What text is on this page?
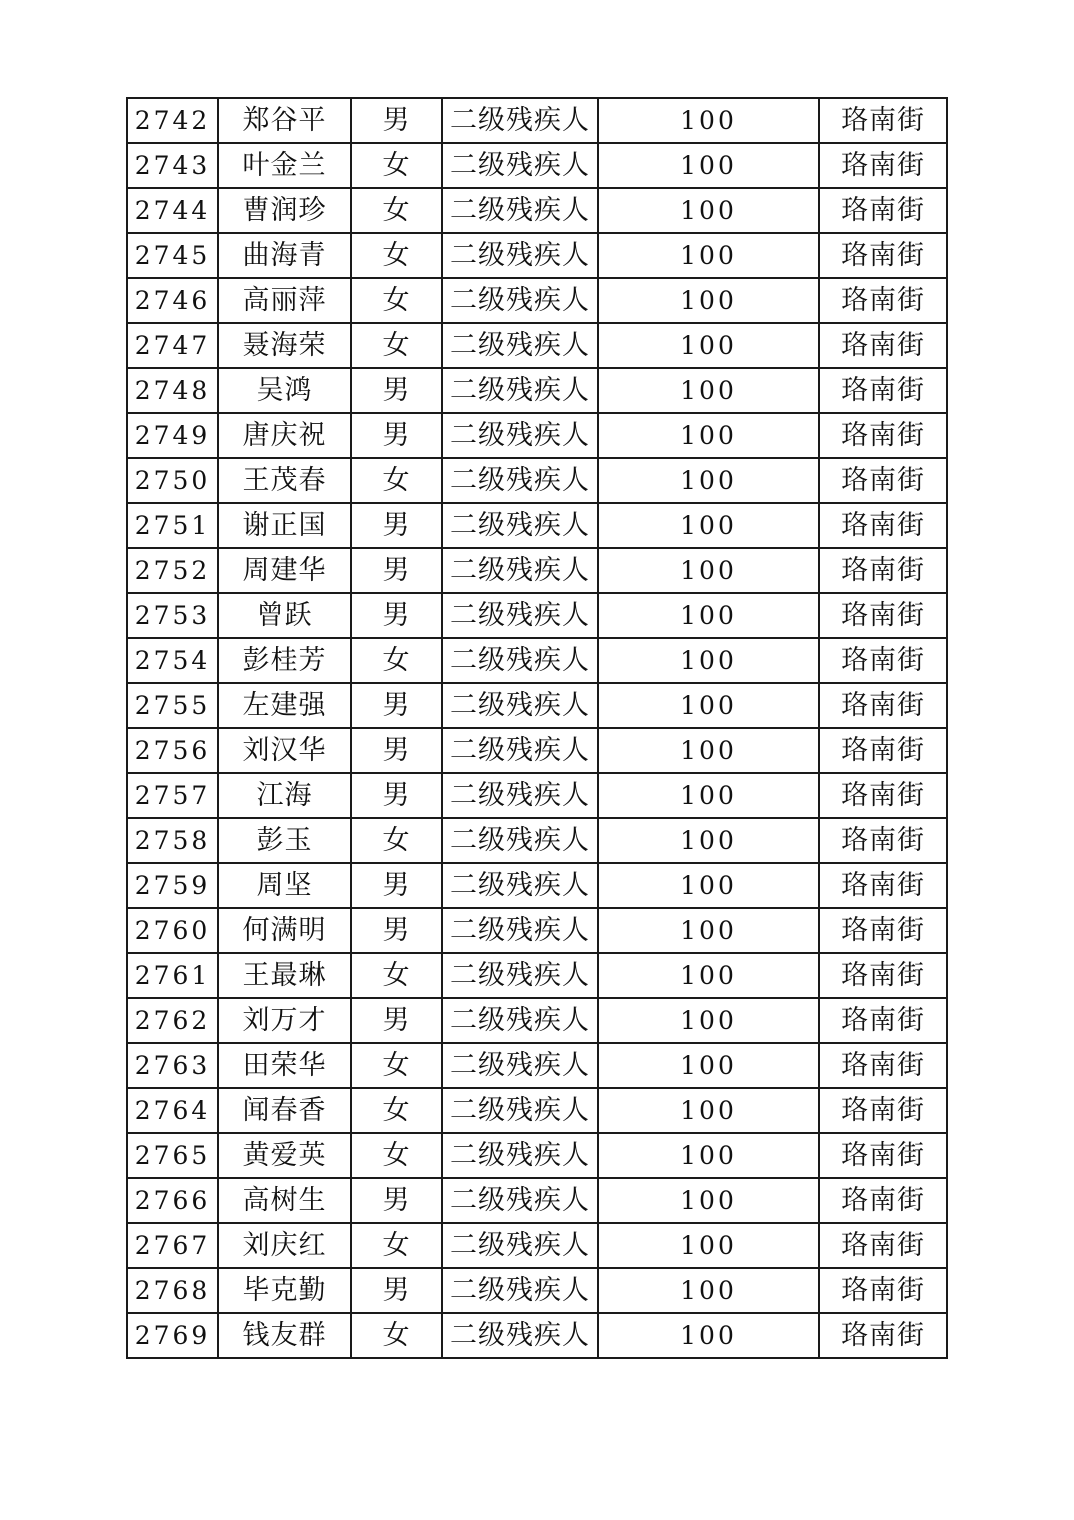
2742	郑谷平	男	二级残疾人	100	珞南街
2743	叶金兰	女	二级残疾人	100	珞南街
2744	曹润珍	女	二级残疾人	100	珞南街
2745	曲海青	女	二级残疾人	100	珞南街
2746	高丽萍	女	二级残疾人	100	珞南街
2747	聂海荣	女	二级残疾人	100	珞南街
2748	吴鸿	男	二级残疾人	100	珞南街
2749	唐庆祝	男	二级残疾人	100	珞南街
2750	王茂春	女	二级残疾人	100	珞南街
2751	谢正国	男	二级残疾人	100	珞南街
2752	周建华	男	二级残疾人	100	珞南街
2753	曾跃	男	二级残疾人	100	珞南街
2754	彭桂芳	女	二级残疾人	100	珞南街
2755	左建强	男	二级残疾人	100	珞南街
2756	刘汉华	男	二级残疾人	100	珞南街
2757	江海	男	二级残疾人	100	珞南街
2758	彭玉	女	二级残疾人	100	珞南街
2759	周坚	男	二级残疾人	100	珞南街
2760	何满明	男	二级残疾人	100	珞南街
2761	王最琳	女	二级残疾人	100	珞南街
2762	刘万才	男	二级残疾人	100	珞南街
2763	田荣华	女	二级残疾人	100	珞南街
2764	闻春香	女	二级残疾人	100	珞南街
2765	黄爱英	女	二级残疾人	100	珞南街
2766	高树生	男	二级残疾人	100	珞南街
2767	刘庆红	女	二级残疾人	100	珞南街
2768	毕克勤	男	二级残疾人	100	珞南街
2769	钱友群	女	二级残疾人	100	珞南街
